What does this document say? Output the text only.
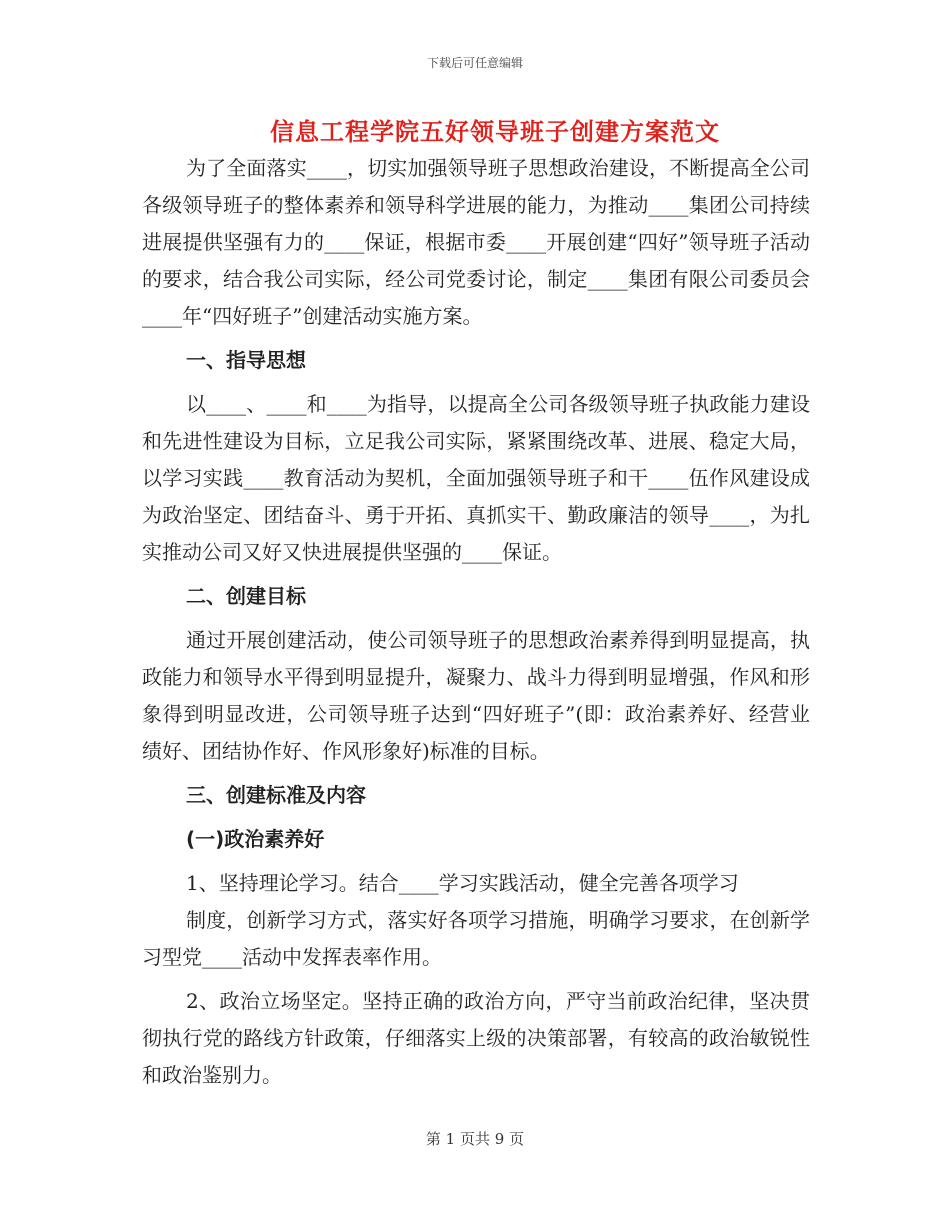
下载后可任意编辑
信息工程学院五好领导班子创建方案范文

为了全面落实____，切实加强领导班子思想政治建设，不断提高全公司各级领导班子的整体素养和领导科学进展的能力，为推动____集团公司持续进展提供坚强有力的____保证，根据市委____开展创建“四好”领导班子活动的要求，结合我公司实际，经公司党委讨论，制定____集团有限公司委员会____年“四好班子”创建活动实施方案。

一、指导思想

以____、____和____为指导，以提高全公司各级领导班子执政能力建设和先进性建设为目标，立足我公司实际，紧紧围绕改革、进展、稳定大局，以学习实践____教育活动为契机，全面加强领导班子和干____伍作风建设成为政治坚定、团结奋斗、勇于开拓、真抓实干、勤政廉洁的领导____，为扎实推动公司又好又快进展提供坚强的____保证。

二、创建目标

通过开展创建活动，使公司领导班子的思想政治素养得到明显提高，执政能力和领导水平得到明显提升，凝聚力、战斗力得到明显增强，作风和形象得到明显改进，公司领导班子达到“四好班子”(即：政治素养好、经营业绩好、团结协作好、作风形象好)标准的目标。

三、创建标准及内容

(一)政治素养好

1、坚持理论学习。结合____学习实践活动，健全完善各项学习

制度，创新学习方式，落实好各项学习措施，明确学习要求，在创新学习型党____活动中发挥表率作用。

2、政治立场坚定。坚持正确的政治方向，严守当前政治纪律，坚决贯彻执行党的路线方针政策，仔细落实上级的决策部署，有较高的政治敏锐性和政治鉴别力。

第 1 页共 9 页
